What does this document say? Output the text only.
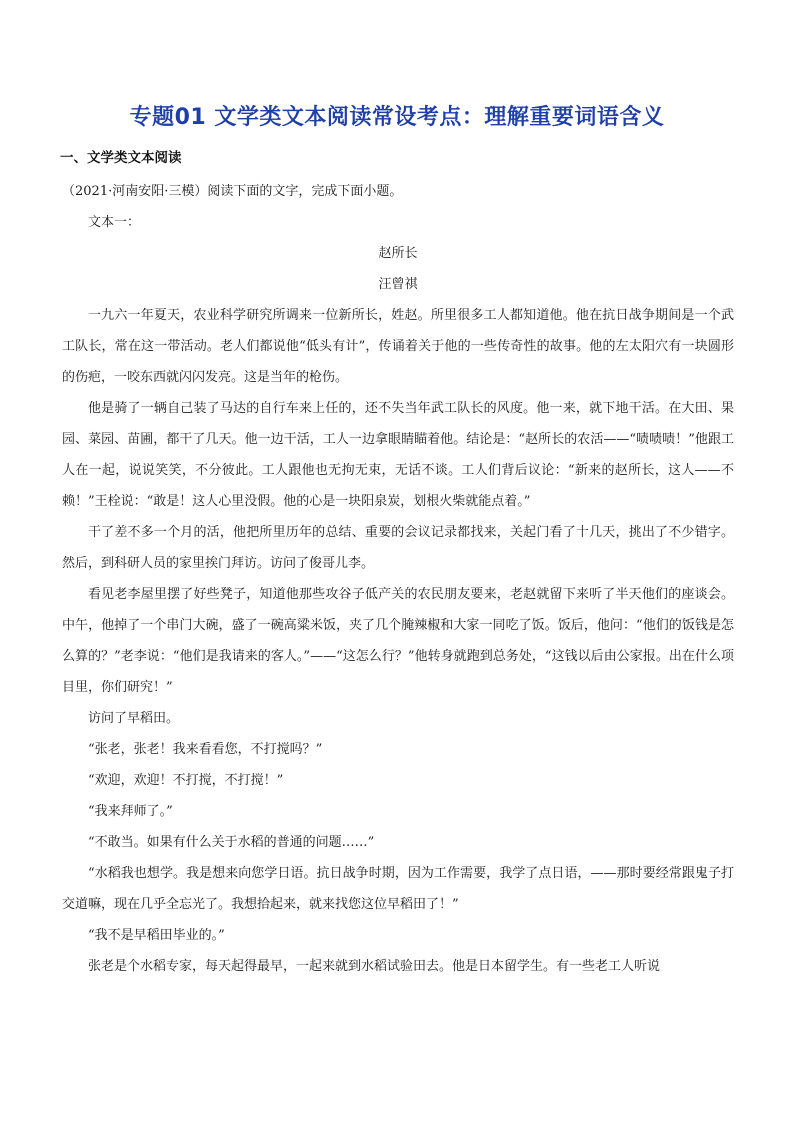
专题01 文学类文本阅读常设考点：理解重要词语含义
一、文学类文本阅读

（2021·河南安阳·三模）阅读下面的文字，完成下面小题。

文本一：

赵所长

汪曾祺

一九六一年夏天，农业科学研究所调来一位新所长，姓赵。所里很多工人都知道他。他在抗日战争期间是一个武工队长，常在这一带活动。老人们都说他“低头有计”，传诵着关于他的一些传奇性的故事。他的左太阳穴有一块圆形的伤疤，一咬东西就闪闪发亮。这是当年的枪伤。

他是骑了一辆自己装了马达的自行车来上任的，还不失当年武工队长的风度。他一来，就下地干活。在大田、果园、菜园、苗圃，都干了几天。他一边干活，工人一边拿眼睛瞄着他。结论是：“赵所长的农活——“啧啧啧！”他跟工人在一起，说说笑笑，不分彼此。工人跟他也无拘无束，无话不谈。工人们背后议论：“新来的赵所长，这人——不赖！”王栓说：“敢是！这人心里没假。他的心是一块阳泉炭，划根火柴就能点着。”

干了差不多一个月的活，他把所里历年的总结、重要的会议记录都找来，关起门看了十几天，挑出了不少错字。然后，到科研人员的家里挨门拜访。访问了俊哥儿李。

看见老李屋里摆了好些凳子，知道他那些攻谷子低产关的农民朋友要来，老赵就留下来听了半天他们的座谈会。中午，他掉了一个串门大碗，盛了一碗高粱米饭，夹了几个腌辣椒和大家一同吃了饭。饭后，他问：“他们的饭钱是怎么算的？”老李说：“他们是我请来的客人。”——“这怎么行？”他转身就跑到总务处，“这钱以后由公家报。出在什么项目里，你们研究！”

访问了早稻田。

“张老，张老！我来看看您，不打搅吗？”

“欢迎，欢迎！不打搅，不打搅！”

“我来拜师了。”

“不敢当。如果有什么关于水稻的普通的问题……”

“水稻我也想学。我是想来向您学日语。抗日战争时期，因为工作需要，我学了点日语，——那时要经常跟鬼子打交道嘛，现在几乎全忘光了。我想拾起来，就来找您这位早稻田了！”

“我不是早稻田毕业的。”

张老是个水稻专家，每天起得最早，一起来就到水稻试验田去。他是日本留学生。有一些老工人听说
